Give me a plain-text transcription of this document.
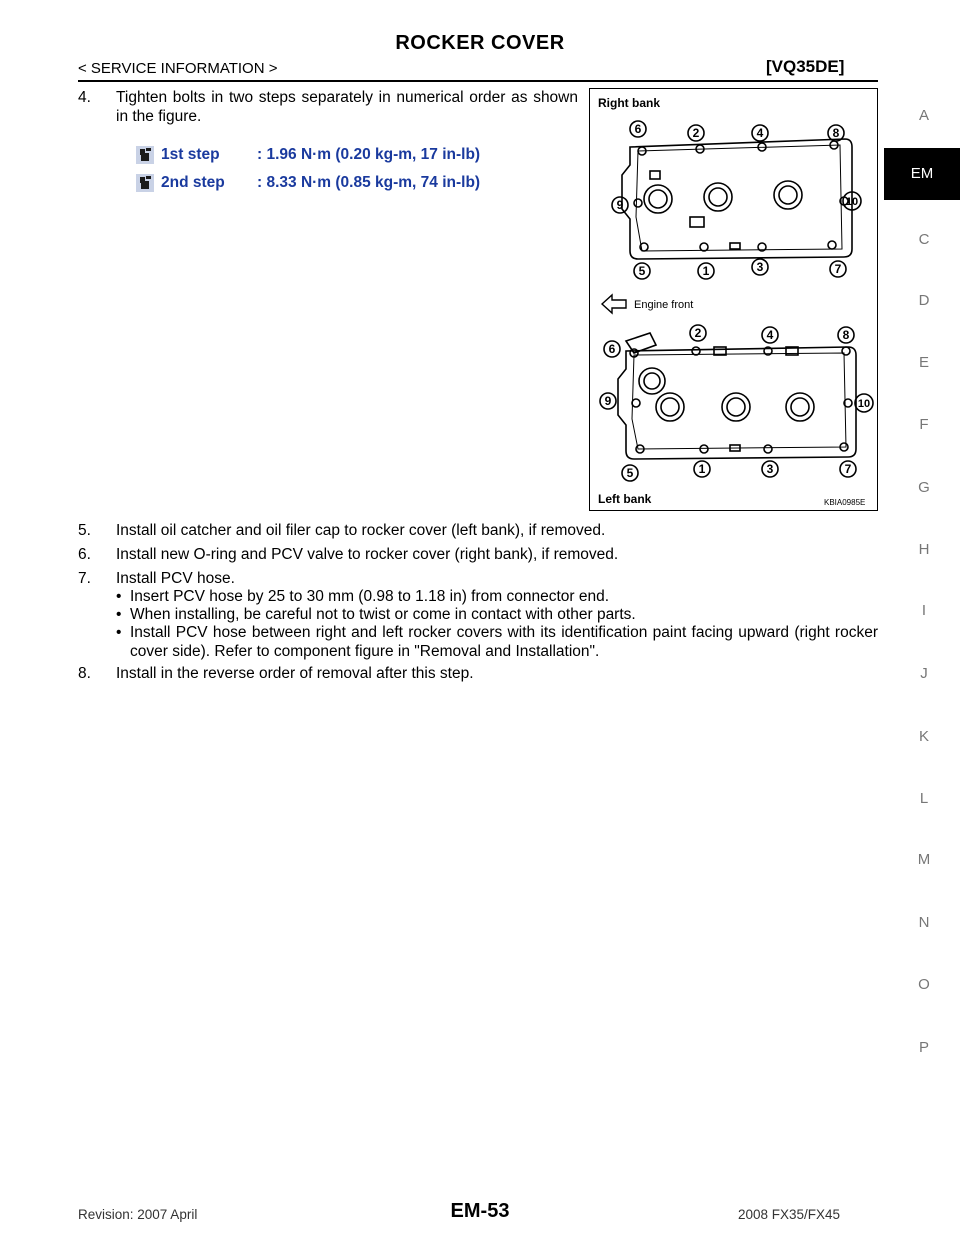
ROCKER COVER
< SERVICE INFORMATION >	[VQ35DE]
4. Tighten bolts in two steps separately in numerical order as shown in the figure.
1st step : 1.96 N·m (0.20 kg-m, 17 in-lb)
2nd step : 8.33 N·m (0.85 kg-m, 74 in-lb)
Right bank
6	2	4	8
9	10
5	1	3	7
Engine front
2	4	8
6
9	10
5	1	3	7
Left bank	KBIA0985E
5. Install oil catcher and oil filer cap to rocker cover (left bank), if removed.
6. Install new O-ring and PCV valve to rocker cover (right bank), if removed.
7. Install PCV hose.
• Insert PCV hose by 25 to 30 mm (0.98 to 1.18 in) from connector end.
• When installing, be careful not to twist or come in contact with other parts.
• Install PCV hose between right and left rocker covers with its identification paint facing upward (right rocker cover side). Refer to component figure in "Removal and Installation".
8. Install in the reverse order of removal after this step.
A
EM
C
D
E
F
G
H
I
J
K
L
M
N
O
P
Revision: 2007 April	EM-53	2008 FX35/FX45
